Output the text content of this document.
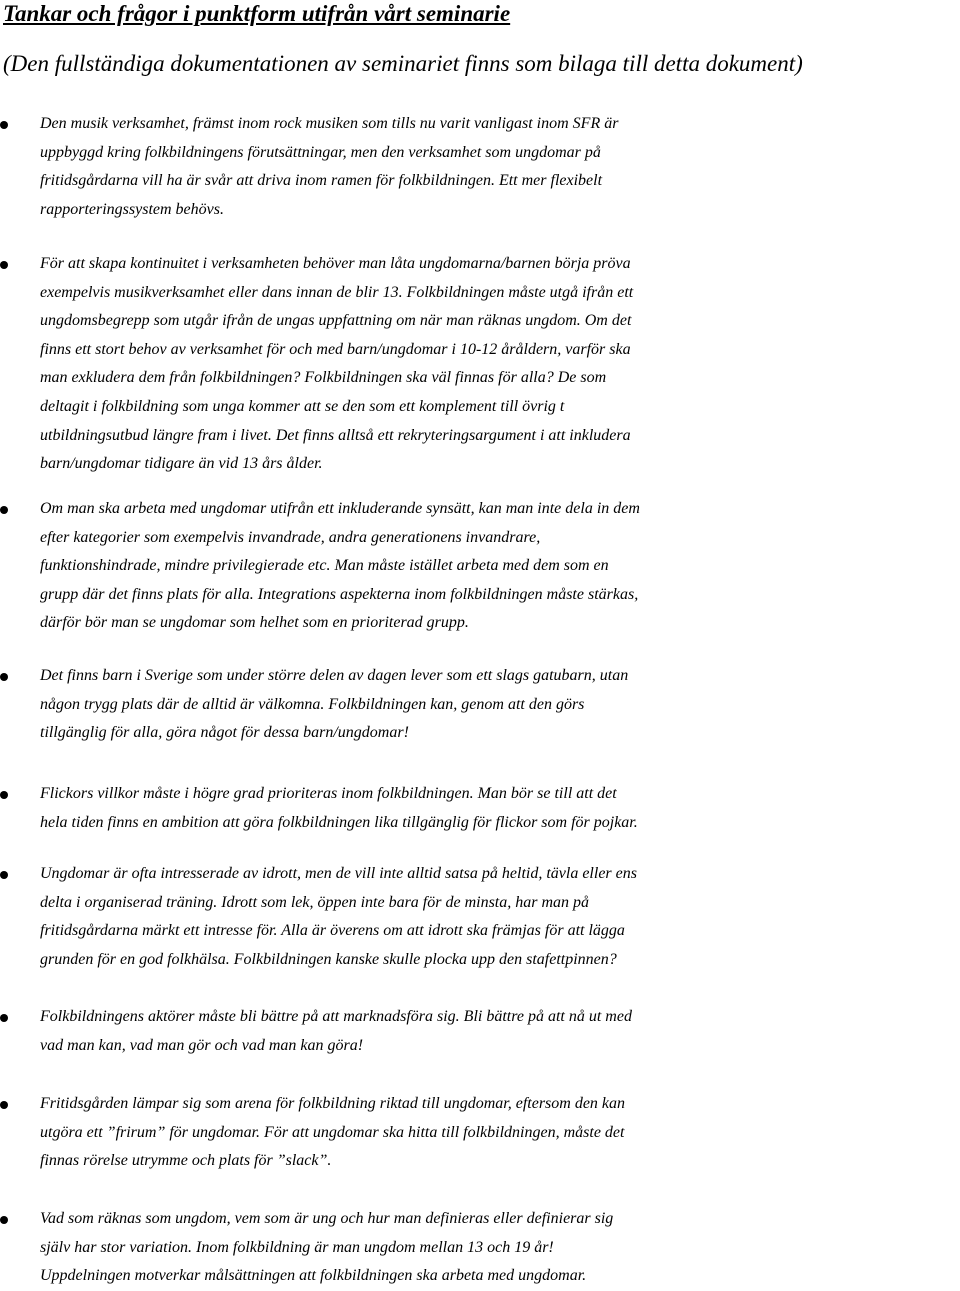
Tankar och frågor i punktform utifrån vårt seminarie

(Den fullständiga dokumentationen av seminariet finns som bilaga till detta dokument)

Den musik verksamhet, främst inom rock musiken som tills nu varit vanligast inom SFR är
uppbyggd kring folkbildningens förutsättningar, men den verksamhet som ungdomar på
fritidsgårdarna vill ha är svår att driva inom ramen för folkbildningen. Ett mer flexibelt
rapporteringssystem behövs.
För att skapa kontinuitet i verksamheten behöver man låta ungdomarna/barnen börja pröva
exempelvis musikverksamhet eller dans innan de blir 13. Folkbildningen måste utgå ifrån ett
ungdomsbegrepp som utgår ifrån de ungas uppfattning om när man räknas ungdom. Om det
finns ett stort behov av verksamhet för och med barn/ungdomar i 10-12 åråldern, varför ska
man exkludera dem från folkbildningen? Folkbildningen ska väl finnas för alla? De som
deltagit i folkbildning som unga kommer att se den som ett komplement till övrig t
utbildningsutbud längre fram i livet. Det finns alltså ett rekryteringsargument i att inkludera
barn/ungdomar tidigare än vid 13 års ålder.
Om man ska arbeta med ungdomar utifrån ett inkluderande synsätt, kan man inte dela in dem
efter kategorier som exempelvis invandrade, andra generationens invandrare,
funktionshindrade, mindre privilegierade etc. Man måste istället arbeta med dem som en
grupp där det finns plats för alla. Integrations aspekterna inom folkbildningen måste stärkas,
därför bör man se ungdomar som helhet som en prioriterad grupp.
Det finns barn i Sverige som under större delen av dagen lever som ett slags gatubarn, utan
någon trygg plats där de alltid är välkomna. Folkbildningen kan, genom att den görs
tillgänglig för alla, göra något för dessa barn/ungdomar!
Flickors villkor måste i högre grad prioriteras inom folkbildningen. Man bör se till att det
hela tiden finns en ambition att göra folkbildningen lika tillgänglig för flickor som för pojkar.
Ungdomar är ofta intresserade av idrott, men de vill inte alltid satsa på heltid, tävla eller ens
delta i organiserad träning. Idrott som lek, öppen inte bara för de minsta, har man på
fritidsgårdarna märkt ett intresse för. Alla är överens om att idrott ska främjas för att lägga
grunden för en god folkhälsa. Folkbildningen kanske skulle plocka upp den stafettpinnen?
Folkbildningens aktörer måste bli bättre på att marknadsföra sig. Bli bättre på att nå ut med
vad man kan, vad man gör och vad man kan göra!
Fritidsgården lämpar sig som arena för folkbildning riktad till ungdomar, eftersom den kan
utgöra ett ”frirum” för ungdomar. För att ungdomar ska hitta till folkbildningen, måste det
finnas rörelse utrymme och plats för ”slack”.
Vad som räknas som ungdom, vem som är ung och hur man definieras eller definierar sig
själv har stor variation. Inom folkbildning är man ungdom mellan 13 och 19 år!
Uppdelningen motverkar målsättningen att folkbildningen ska arbeta med ungdomar.
